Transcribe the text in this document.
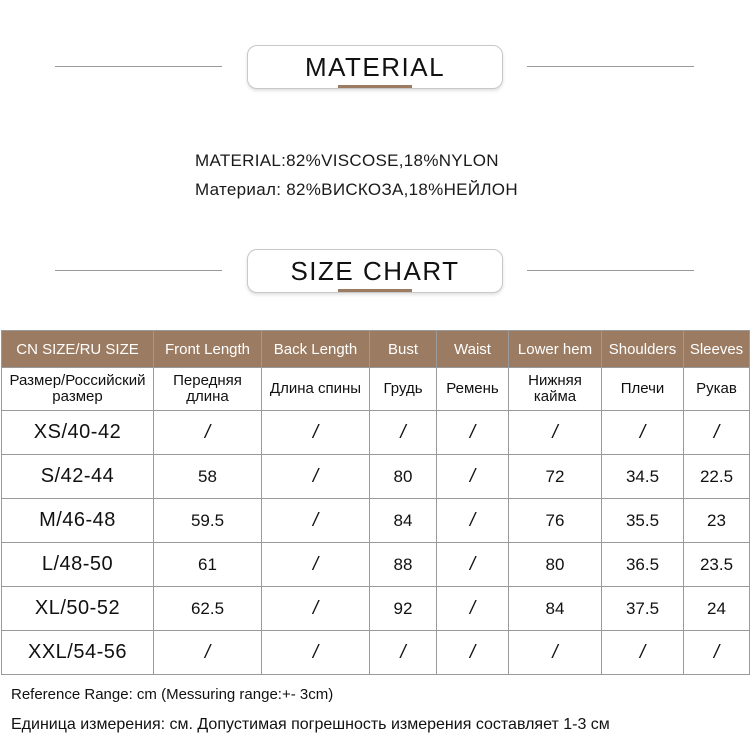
MATERIAL
MATERIAL:82%VISCOSE,18%NYLON
Материал: 82%ВИСКОЗА,18%НЕЙЛОН
SIZE CHART
CN SIZE/RU SIZE	Front Length	Back Length	Bust	Waist	Lower hem	Shoulders	Sleeves
Размер/Российский размер	Передняя длина	Длина спины	Грудь	Ремень	Нижняя кайма	Плечи	Рукав
XS/40-42	/	/	/	/	/	/	/
S/42-44	58	/	80	/	72	34.5	22.5
M/46-48	59.5	/	84	/	76	35.5	23
L/48-50	61	/	88	/	80	36.5	23.5
XL/50-52	62.5	/	92	/	84	37.5	24
XXL/54-56	/	/	/	/	/	/	/
Reference Range: cm (Messuring range:+- 3cm)
Единица измерения: см. Допустимая погрешность измерения составляет 1-3 см
